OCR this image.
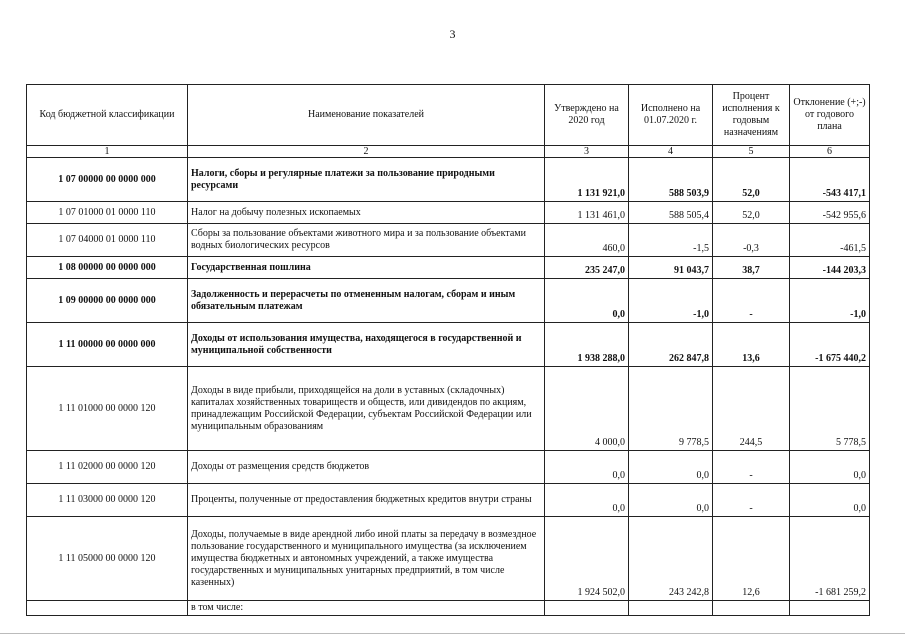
3
Код бюджетной классификации	Наименование показателей	Утверждено на 2020 год	Исполнено на 01.07.2020 г.	Процент исполнения к годовым назначениям	Отклонение (+;-) от годового плана
1	2	3	4	5	6
1 07 00000 00 0000 000	Налоги, сборы и регулярные платежи за пользование природными ресурсами	1 131 921,0	588 503,9	52,0	-543 417,1
1 07 01000 01 0000 110	Налог на добычу полезных ископаемых	1 131 461,0	588 505,4	52,0	-542 955,6
1 07 04000 01 0000 110	Сборы за пользование объектами животного мира и за пользование объектами водных биологических ресурсов	460,0	-1,5	-0,3	-461,5
1 08 00000 00 0000 000	Государственная пошлина	235 247,0	91 043,7	38,7	-144 203,3
1 09 00000 00 0000 000	Задолженность и перерасчеты по отмененным налогам, сборам и иным обязательным платежам	0,0	-1,0	-	-1,0
1 11 00000 00 0000 000	Доходы от использования имущества, находящегося в государственной и муниципальной собственности	1 938 288,0	262 847,8	13,6	-1 675 440,2
1 11 01000 00 0000 120	Доходы в виде прибыли, приходящейся на доли в уставных (складочных) капиталах хозяйственных товариществ и обществ, или дивидендов по акциям, принадлежащим Российской Федерации, субъектам Российской Федерации или муниципальным образованиям	4 000,0	9 778,5	244,5	5 778,5
1 11 02000 00 0000 120	Доходы от размещения средств бюджетов	0,0	0,0	-	0,0
1 11 03000 00 0000 120	Проценты, полученные от предоставления бюджетных кредитов внутри страны	0,0	0,0	-	0,0
1 11 05000 00 0000 120	Доходы, получаемые в виде арендной либо иной платы за передачу в возмездное пользование государственного и муниципального имущества (за исключением имущества бюджетных и автономных учреждений, а также имущества государственных и муниципальных унитарных предприятий, в том числе казенных)	1 924 502,0	243 242,8	12,6	-1 681 259,2
	в том числе:				
